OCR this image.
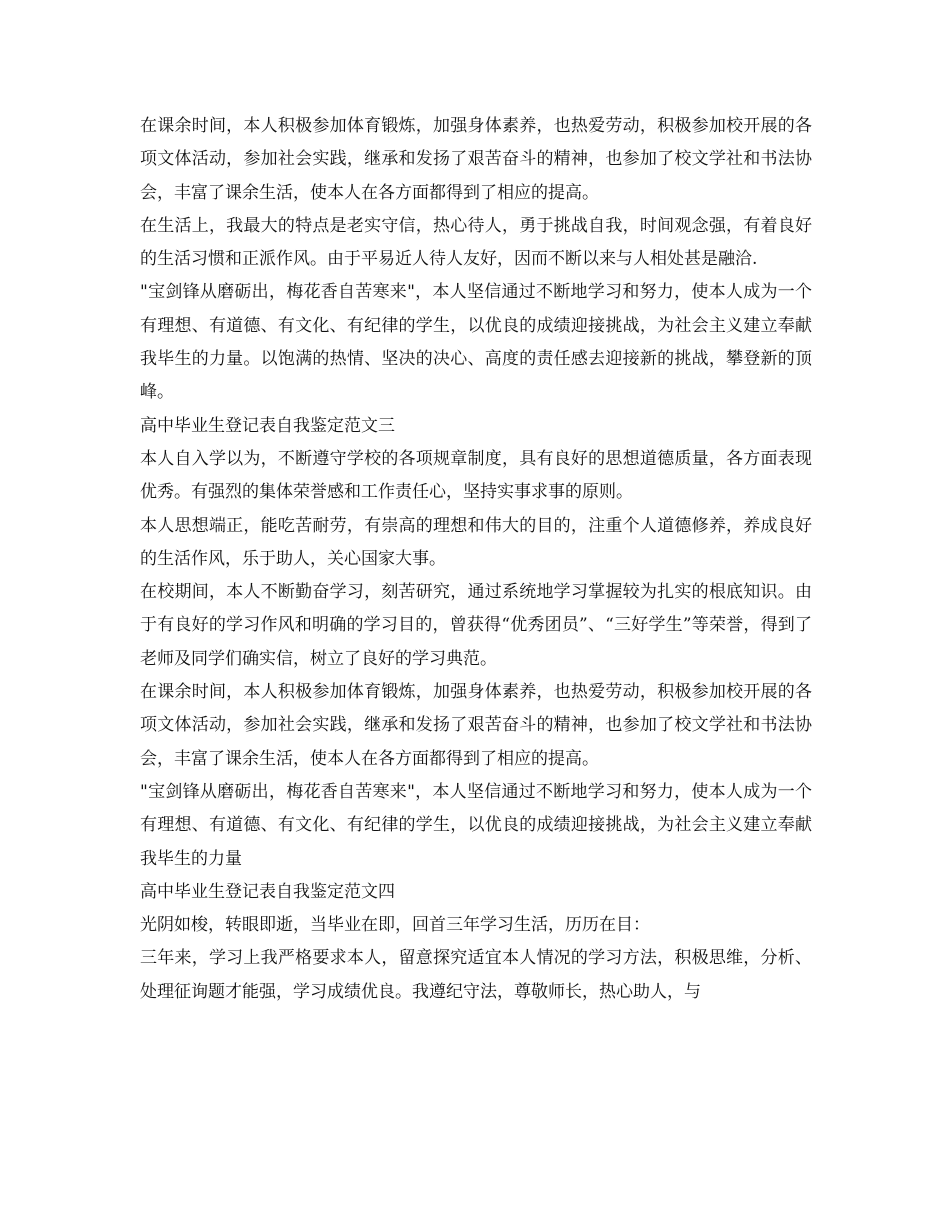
在课余时间，本人积极参加体育锻炼，加强身体素养，也热爱劳动，积极参加校开展的各项文体活动，参加社会实践，继承和发扬了艰苦奋斗的精神，也参加了校文学社和书法协会，丰富了课余生活，使本人在各方面都得到了相应的提高。

在生活上，我最大的特点是老实守信，热心待人，勇于挑战自我，时间观念强，有着良好的生活习惯和正派作风。由于平易近人待人友好，因而不断以来与人相处甚是融洽.

"宝剑锋从磨砺出，梅花香自苦寒来"，本人坚信通过不断地学习和努力，使本人成为一个有理想、有道德、有文化、有纪律的学生，以优良的成绩迎接挑战，为社会主义建立奉献我毕生的力量。以饱满的热情、坚决的决心、高度的责任感去迎接新的挑战，攀登新的顶峰。

高中毕业生登记表自我鉴定范文三

本人自入学以为，不断遵守学校的各项规章制度，具有良好的思想道德质量，各方面表现优秀。有强烈的集体荣誉感和工作责任心，坚持实事求事的原则。

本人思想端正，能吃苦耐劳，有崇高的理想和伟大的目的，注重个人道德修养，养成良好的生活作风，乐于助人，关心国家大事。

在校期间，本人不断勤奋学习，刻苦研究，通过系统地学习掌握较为扎实的根底知识。由于有良好的学习作风和明确的学习目的，曾获得“优秀团员”、“三好学生”等荣誉，得到了老师及同学们确实信，树立了良好的学习典范。

在课余时间，本人积极参加体育锻炼，加强身体素养，也热爱劳动，积极参加校开展的各项文体活动，参加社会实践，继承和发扬了艰苦奋斗的精神，也参加了校文学社和书法协会，丰富了课余生活，使本人在各方面都得到了相应的提高。

"宝剑锋从磨砺出，梅花香自苦寒来"，本人坚信通过不断地学习和努力，使本人成为一个有理想、有道德、有文化、有纪律的学生，以优良的成绩迎接挑战，为社会主义建立奉献我毕生的力量

高中毕业生登记表自我鉴定范文四

光阴如梭，转眼即逝，当毕业在即，回首三年学习生活，历历在目：

三年来，学习上我严格要求本人，留意探究适宜本人情况的学习方法，积极思维，分析、处理征询题才能强，学习成绩优良。我遵纪守法，尊敬师长，热心助人，与
